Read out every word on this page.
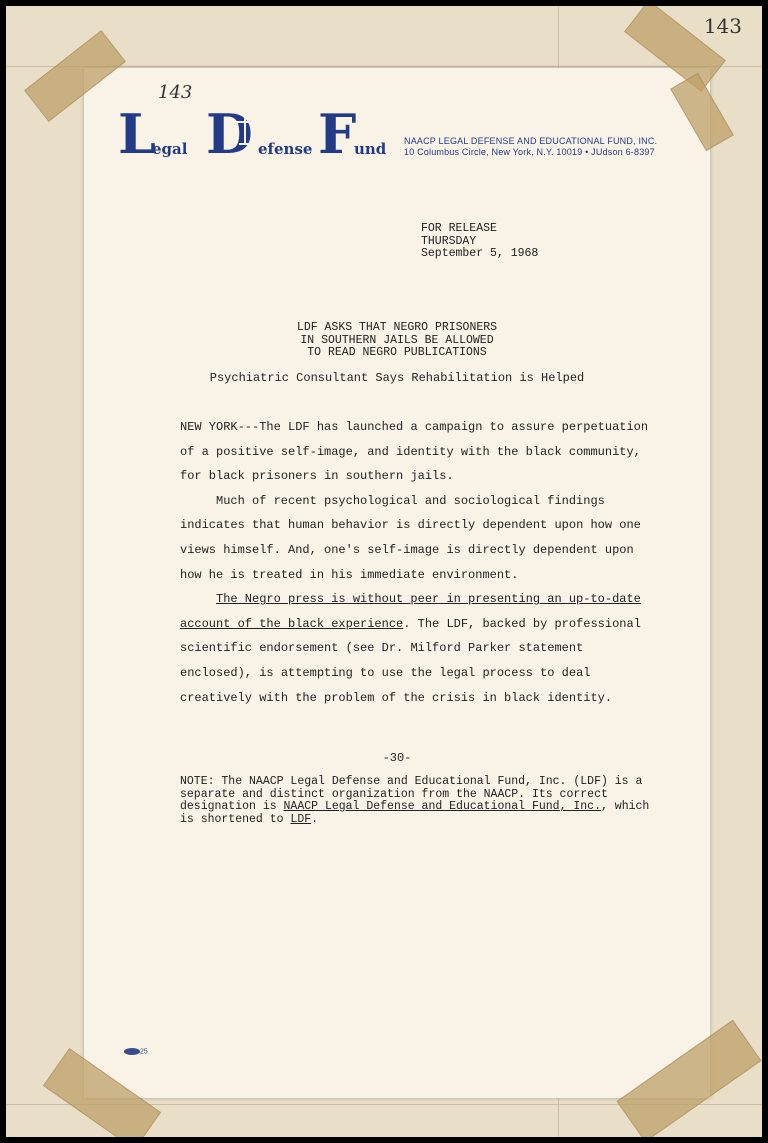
143
143
L
egal D efense F
und NAACP LEGAL DEFENSE AND EDUCATIONAL FUND, INC.
10 Columbus Circle, New York, N.Y. 10019 • JUdson 6-8397
FOR RELEASE
THURSDAY
September 5, 1968
LDF ASKS THAT NEGRO PRISONERS
IN SOUTHERN JAILS BE ALLOWED
TO READ NEGRO PUBLICATIONS
Psychiatric Consultant Says Rehabilitation is Helped

NEW YORK---The LDF has launched a campaign to assure perpetuation of a positive self-image, and identity with the black community, for black prisoners in southern jails.

Much of recent psychological and sociological findings indicates that human behavior is directly dependent upon how one views himself. And, one's self-image is directly dependent upon how he is treated in his immediate environment.

The Negro press is without peer in presenting an up-to-date account of the black experience. The LDF, backed by professional scientific endorsement (see Dr. Milford Parker statement enclosed), is attempting to use the legal process to deal creatively with the problem of the crisis in black identity.

-30-
NOTE: The NAACP Legal Defense and Educational Fund, Inc. (LDF) is a separate and distinct organization from the NAACP. Its correct designation is NAACP Legal Defense and Educational Fund, Inc., which is shortened to LDF.
25
